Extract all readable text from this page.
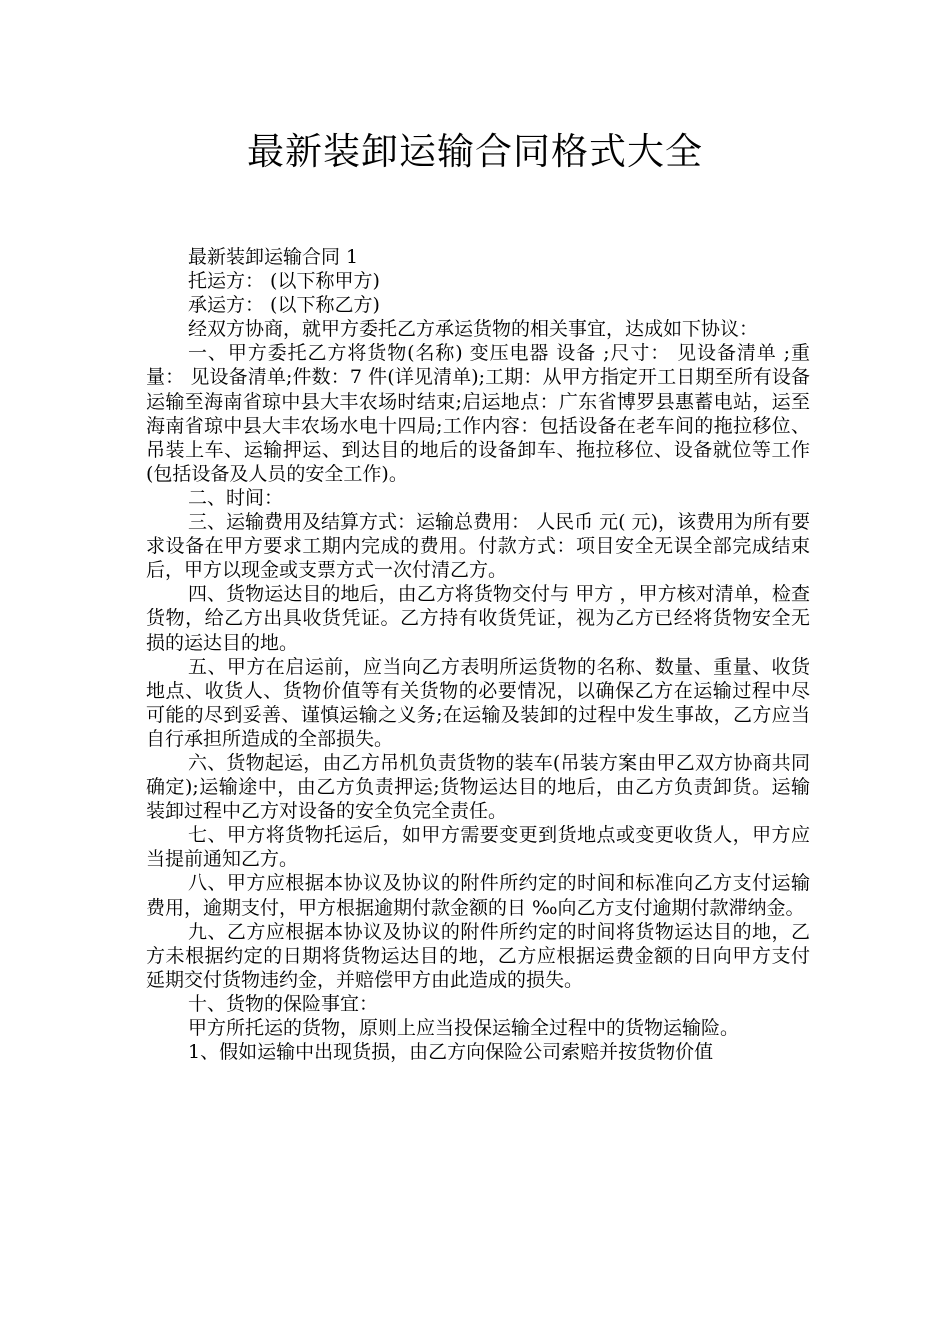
最新装卸运输合同格式大全

最新装卸运输合同 1

托运方： (以下称甲方)

承运方： (以下称乙方)

经双方协商，就甲方委托乙方承运货物的相关事宜，达成如下协议：

一、甲方委托乙方将货物(名称) 变压电器 设备 ;尺寸： 见设备清单 ;重量： 见设备清单;件数：7 件(详见清单);工期：从甲方指定开工日期至所有设备运输至海南省琼中县大丰农场时结束;启运地点：广东省博罗县惠蓄电站，运至海南省琼中县大丰农场水电十四局;工作内容：包括设备在老车间的拖拉移位、吊装上车、运输押运、到达目的地后的设备卸车、拖拉移位、设备就位等工作(包括设备及人员的安全工作)。

二、时间：

三、运输费用及结算方式：运输总费用： 人民币 元( 元)，该费用为所有要求设备在甲方要求工期内完成的费用。付款方式：项目安全无误全部完成结束后，甲方以现金或支票方式一次付清乙方。

四、货物运达目的地后，由乙方将货物交付与 甲方 ，甲方核对清单，检查货物，给乙方出具收货凭证。乙方持有收货凭证，视为乙方已经将货物安全无损的运达目的地。

五、甲方在启运前，应当向乙方表明所运货物的名称、数量、重量、收货地点、收货人、货物价值等有关货物的必要情况，以确保乙方在运输过程中尽可能的尽到妥善、谨慎运输之义务;在运输及装卸的过程中发生事故，乙方应当自行承担所造成的全部损失。

六、货物起运，由乙方吊机负责货物的装车(吊装方案由甲乙双方协商共同确定);运输途中，由乙方负责押运;货物运达目的地后，由乙方负责卸货。运输装卸过程中乙方对设备的安全负完全责任。

七、甲方将货物托运后，如甲方需要变更到货地点或变更收货人，甲方应当提前通知乙方。

八、甲方应根据本协议及协议的附件所约定的时间和标准向乙方支付运输费用，逾期支付，甲方根据逾期付款金额的日 ‰向乙方支付逾期付款滞纳金。

九、乙方应根据本协议及协议的附件所约定的时间将货物运达目的地，乙方未根据约定的日期将货物运达目的地，乙方应根据运费金额的日向甲方支付延期交付货物违约金，并赔偿甲方由此造成的损失。

十、货物的保险事宜：

甲方所托运的货物，原则上应当投保运输全过程中的货物运输险。

1、假如运输中出现货损，由乙方向保险公司索赔并按货物价值
